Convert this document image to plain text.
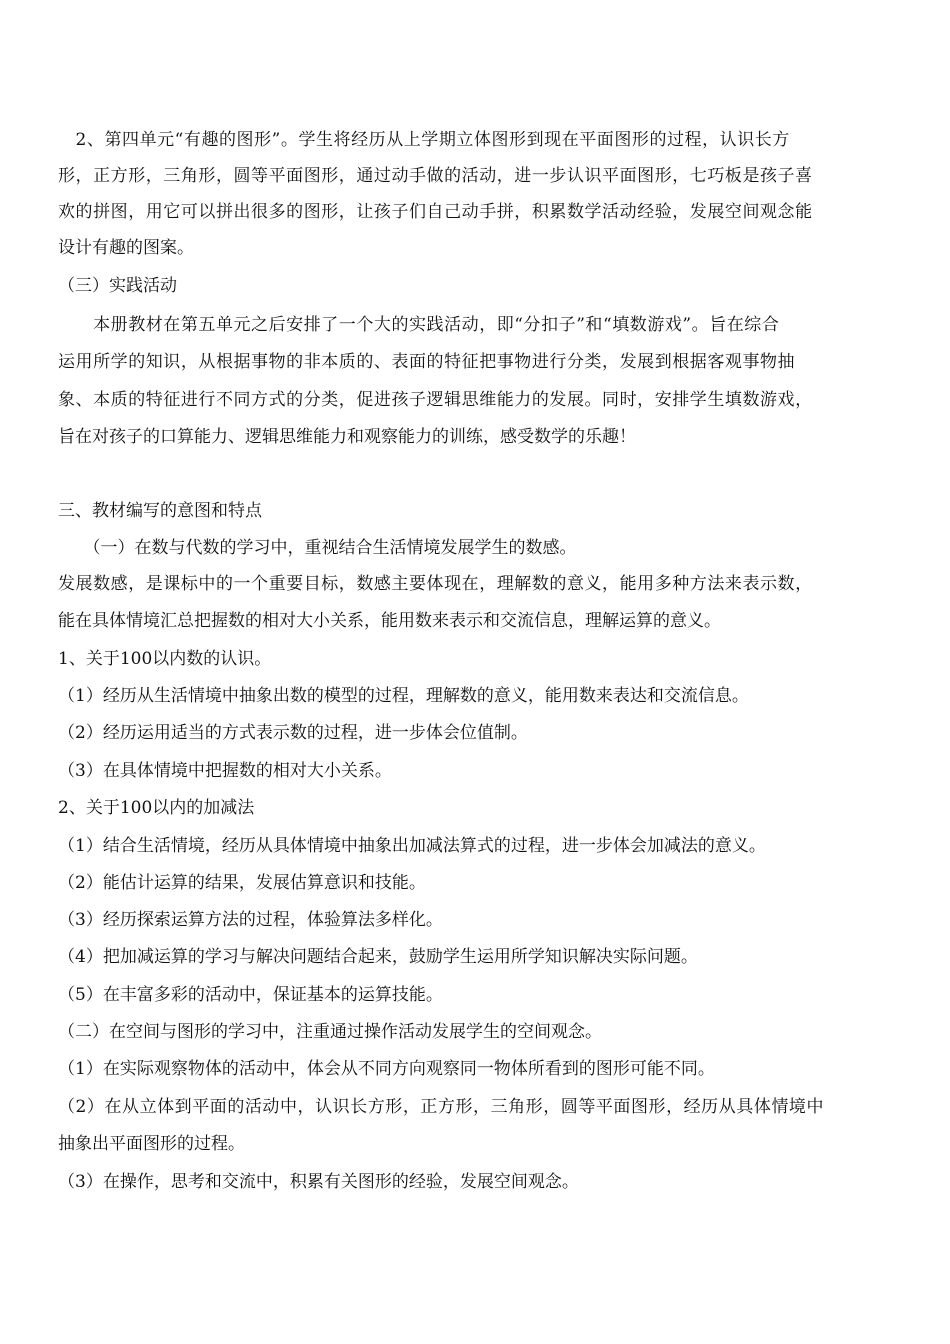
　2、第四单元“有趣的图形”。学生将经历从上学期立体图形到现在平面图形的过程，认识长方
形，正方形，三角形，圆等平面图形，通过动手做的活动，进一步认识平面图形，七巧板是孩子喜
欢的拼图，用它可以拼出很多的图形，让孩子们自己动手拼，积累数学活动经验，发展空间观念能
设计有趣的图案。
（三）实践活动
　　本册教材在第五单元之后安排了一个大的实践活动，即“分扣子”和“填数游戏”。旨在综合
运用所学的知识，从根据事物的非本质的、表面的特征把事物进行分类，发展到根据客观事物抽
象、本质的特征进行不同方式的分类，促进孩子逻辑思维能力的发展。同时，安排学生填数游戏，
旨在对孩子的口算能力、逻辑思维能力和观察能力的训练，感受数学的乐趣！
三、教材编写的意图和特点
　　（一）在数与代数的学习中，重视结合生活情境发展学生的数感。
发展数感，是课标中的一个重要目标，数感主要体现在，理解数的意义，能用多种方法来表示数，
能在具体情境汇总把握数的相对大小关系，能用数来表示和交流信息，理解运算的意义。
1、关于100以内数的认识。
（1）经历从生活情境中抽象出数的模型的过程，理解数的意义，能用数来表达和交流信息。
（2）经历运用适当的方式表示数的过程，进一步体会位值制。
（3）在具体情境中把握数的相对大小关系。
2、关于100以内的加减法
（1）结合生活情境，经历从具体情境中抽象出加减法算式的过程，进一步体会加减法的意义。
（2）能估计运算的结果，发展估算意识和技能。
（3）经历探索运算方法的过程，体验算法多样化。
（4）把加减运算的学习与解决问题结合起来，鼓励学生运用所学知识解决实际问题。
（5）在丰富多彩的活动中，保证基本的运算技能。
（二）在空间与图形的学习中，注重通过操作活动发展学生的空间观念。
（1）在实际观察物体的活动中，体会从不同方向观察同一物体所看到的图形可能不同。
（2）在从立体到平面的活动中，认识长方形，正方形，三角形，圆等平面图形，经历从具体情境中
抽象出平面图形的过程。
（3）在操作，思考和交流中，积累有关图形的经验，发展空间观念。
